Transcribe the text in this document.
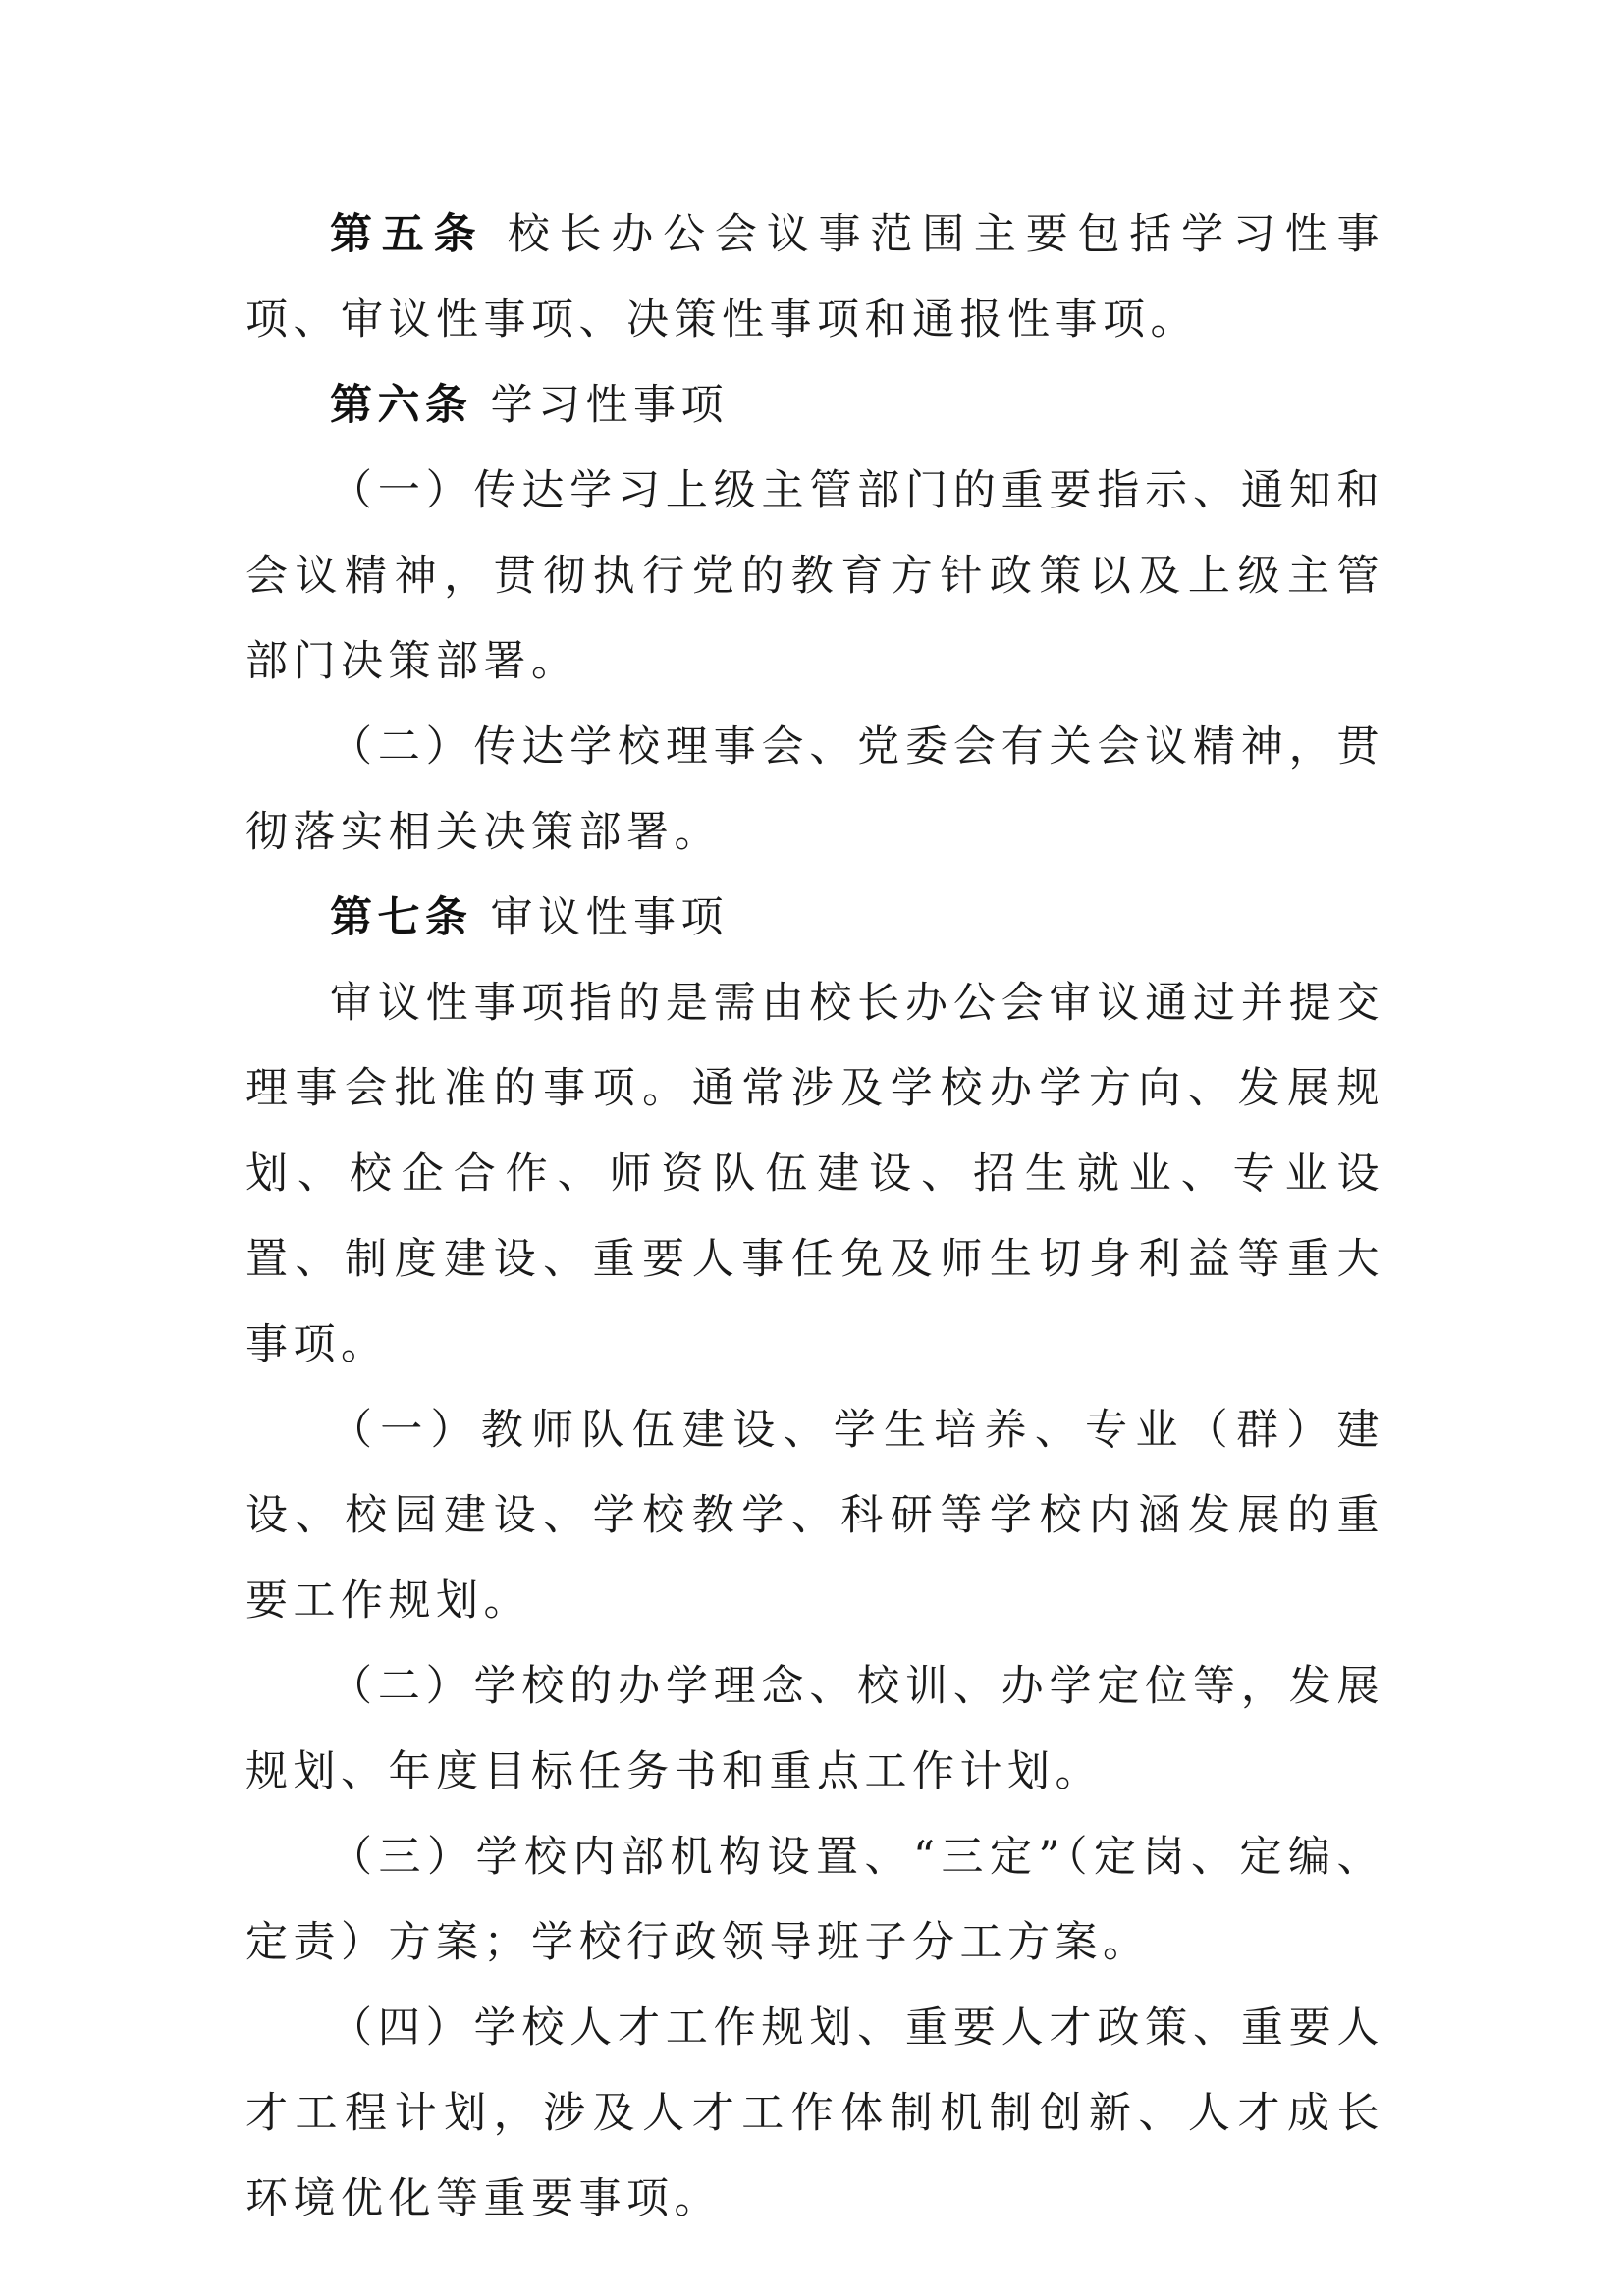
第五条 校长办公会议事范围主要包括学习性事项、审议性事项、决策性事项和通报性事项。

第六条 学习性事项

（一）传达学习上级主管部门的重要指示、通知和会议精神，贯彻执行党的教育方针政策以及上级主管部门决策部署。

（二）传达学校理事会、党委会有关会议精神，贯彻落实相关决策部署。

第七条 审议性事项

审议性事项指的是需由校长办公会审议通过并提交理事会批准的事项。通常涉及学校办学方向、发展规划、校企合作、师资队伍建设、招生就业、专业设置、制度建设、重要人事任免及师生切身利益等重大事项。

（一）教师队伍建设、学生培养、专业（群）建设、校园建设、学校教学、科研等学校内涵发展的重要工作规划。

（二）学校的办学理念、校训、办学定位等，发展规划、年度目标任务书和重点工作计划。

（三）学校内部机构设置、“三定”（定岗、定编、定责）方案；学校行政领导班子分工方案。

（四）学校人才工作规划、重要人才政策、重要人才工程计划，涉及人才工作体制机制创新、人才成长环境优化等重要事项。
